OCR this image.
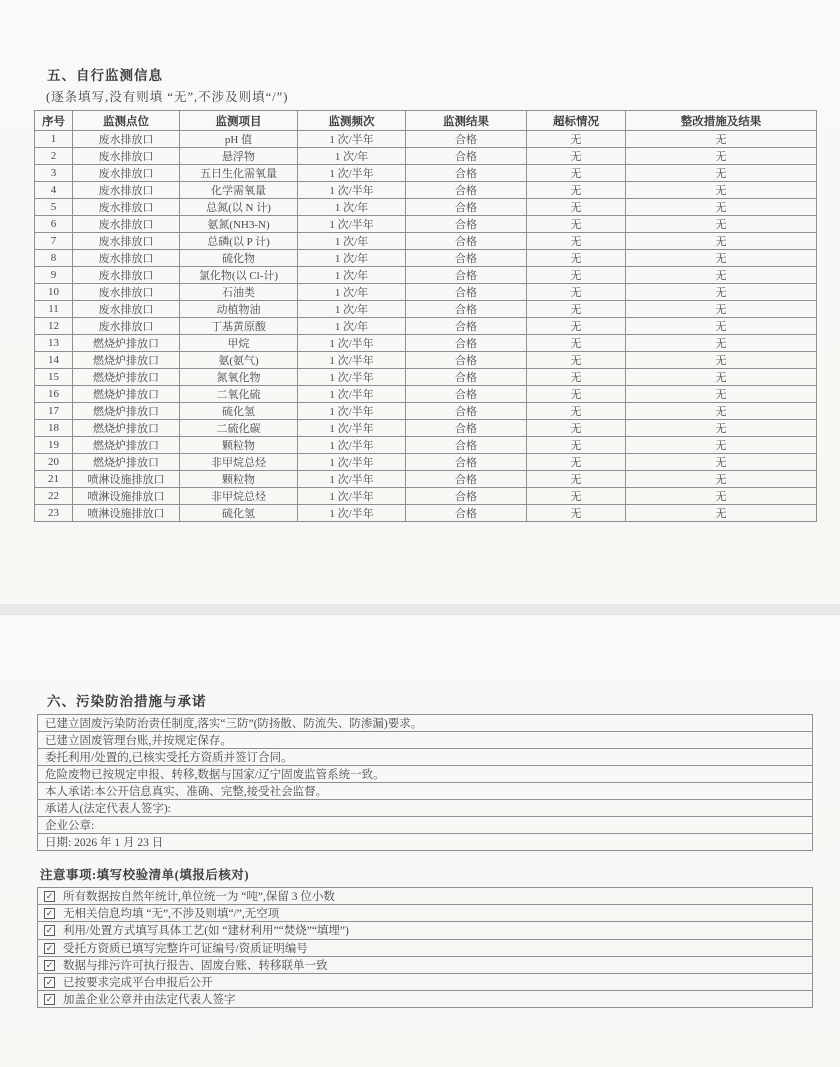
五、自行监测信息

(逐条填写,没有则填 “无”,不涉及则填“/”)

序号	监测点位	监测项目	监测频次	监测结果	超标情况	整改措施及结果
1	废水排放口	pH 值	1 次/半年	合格	无	无
2	废水排放口	悬浮物	1 次/年	合格	无	无
3	废水排放口	五日生化需氧量	1 次/半年	合格	无	无
4	废水排放口	化学需氧量	1 次/半年	合格	无	无
5	废水排放口	总氮(以 N 计)	1 次/年	合格	无	无
6	废水排放口	氨氮(NH3-N)	1 次/半年	合格	无	无
7	废水排放口	总磷(以 P 计)	1 次/年	合格	无	无
8	废水排放口	硫化物	1 次/年	合格	无	无
9	废水排放口	氯化物(以 Cl-计)	1 次/年	合格	无	无
10	废水排放口	石油类	1 次/年	合格	无	无
11	废水排放口	动植物油	1 次/年	合格	无	无
12	废水排放口	丁基黄原酸	1 次/年	合格	无	无
13	燃烧炉排放口	甲烷	1 次/半年	合格	无	无
14	燃烧炉排放口	氨(氨气)	1 次/半年	合格	无	无
15	燃烧炉排放口	氮氧化物	1 次/半年	合格	无	无
16	燃烧炉排放口	二氧化硫	1 次/半年	合格	无	无
17	燃烧炉排放口	硫化氢	1 次/半年	合格	无	无
18	燃烧炉排放口	二硫化碳	1 次/半年	合格	无	无
19	燃烧炉排放口	颗粒物	1 次/半年	合格	无	无
20	燃烧炉排放口	非甲烷总烃	1 次/半年	合格	无	无
21	喷淋设施排放口	颗粒物	1 次/半年	合格	无	无
22	喷淋设施排放口	非甲烷总烃	1 次/半年	合格	无	无
23	喷淋设施排放口	硫化氢	1 次/半年	合格	无	无
六、污染防治措施与承诺
已建立固废污染防治责任制度,落实“三防”(防扬散、防流失、防渗漏)要求。
已建立固废管理台账,并按规定保存。
委托利用/处置的,已核实受托方资质并签订合同。
危险废物已按规定申报、转移,数据与国家/辽宁固废监管系统一致。
本人承诺:本公开信息真实、准确、完整,接受社会监督。
承诺人(法定代表人签字):
企业公章:
日期: 2026 年 1 月 23 日

注意事项:填写校验清单(填报后核对)

✓ 所有数据按自然年统计,单位统一为 “吨”,保留 3 位小数
✓ 无相关信息均填 “无”,不涉及则填“/”,无空项
✓ 利用/处置方式填写具体工艺(如 “建材利用”“焚烧”“填埋”)
✓ 受托方资质已填写完整许可证编号/资质证明编号
✓ 数据与排污许可执行报告、固废台账、转移联单一致
✓ 已按要求完成平台申报后公开
✓ 加盖企业公章并由法定代表人签字
